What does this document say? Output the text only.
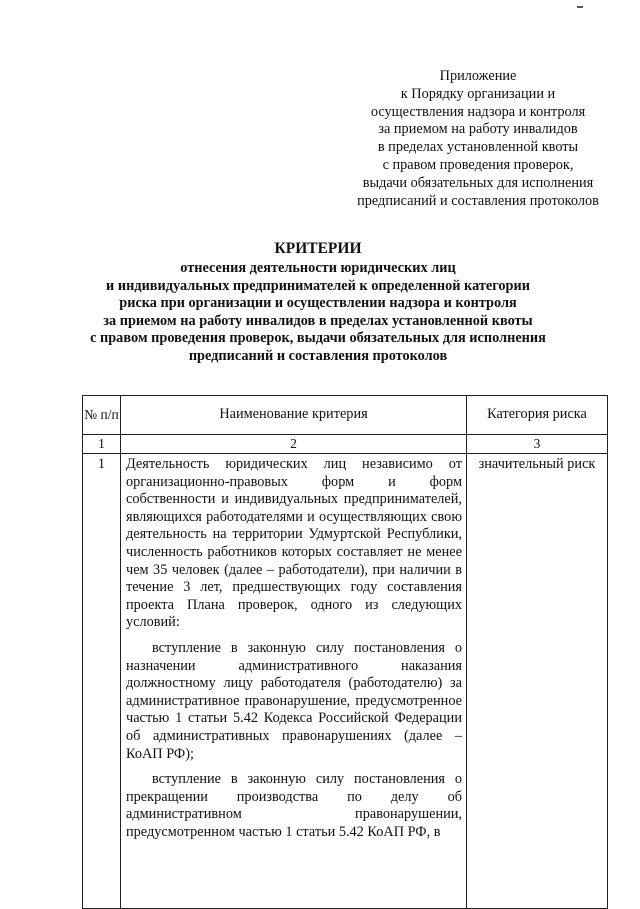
Приложение
к Порядку организации и
осуществления надзора и контроля
за приемом на работу инвалидов
в пределах установленной квоты
с правом проведения проверок,
выдачи обязательных для исполнения
предписаний и составления протоколов
КРИТЕРИИ
отнесения деятельности юридических лиц
и индивидуальных предпринимателей к определенной категории
риска при организации и осуществлении надзора и контроля
за приемом на работу инвалидов в пределах установленной квоты
с правом проведения проверок, выдачи обязательных для исполнения
предписаний и составления протоколов
№ п/п	Наименование критерия	Категория риска
1	2	3
1	Деятельность юридических лиц независимо от организационно-правовых форм и форм собственности и индивидуальных предпринимателей, являющихся работодателями и осуществляющих свою деятельность на территории Удмуртской Республики, численность работников которых составляет не менее чем 35 человек (далее – работодатели), при наличии в течение 3 лет, предшествующих году составления проекта Плана проверок, одного из следующих условий:

вступление в законную силу постановления о назначении административного наказания должностному лицу работодателя (работодателю) за административное правонарушение, предусмотренное частью 1 статьи 5.42 Кодекса Российской Федерации об административных правонарушениях (далее – КоАП РФ);

вступление в законную силу постановления о прекращении производства по делу об административном правонарушении, предусмотренном частью 1 статьи 5.42 КоАП РФ, в	значительный риск
